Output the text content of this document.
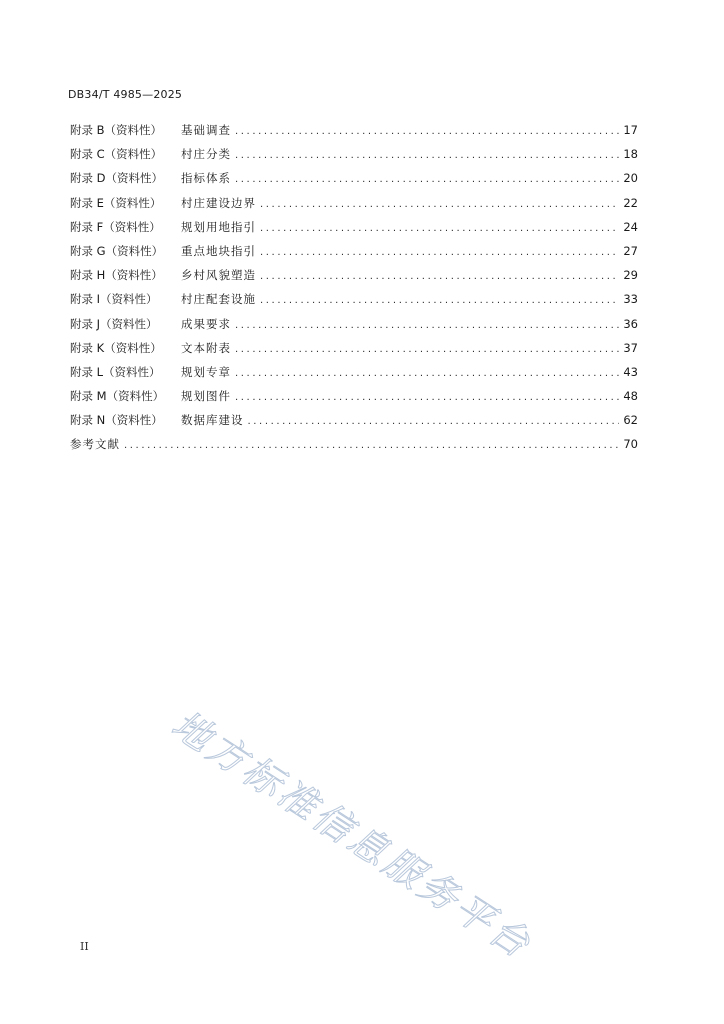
DB34/T 4985—2025
附录 B（资料性）	基础调查 .....	17
附录 C（资料性）	村庄分类 .....	18
附录 D（资料性）	指标体系 .....	20
附录 E（资料性）	村庄建设边界 .....	22
附录 F（资料性）	规划用地指引 .....	24
附录 G（资料性）	重点地块指引 .....	27
附录 H（资料性）	乡村风貌塑造 .....	29
附录 I（资料性）	村庄配套设施 .....	33
附录 J（资料性）	成果要求 .....	36
附录 K（资料性）	文本附表 .....	37
附录 L（资料性）	规划专章 .....	43
附录 M（资料性）	规划图件 .....	48
附录 N（资料性）	数据库建设 .....	62
参考文献 .....	70
地方标准信息服务平台
II
